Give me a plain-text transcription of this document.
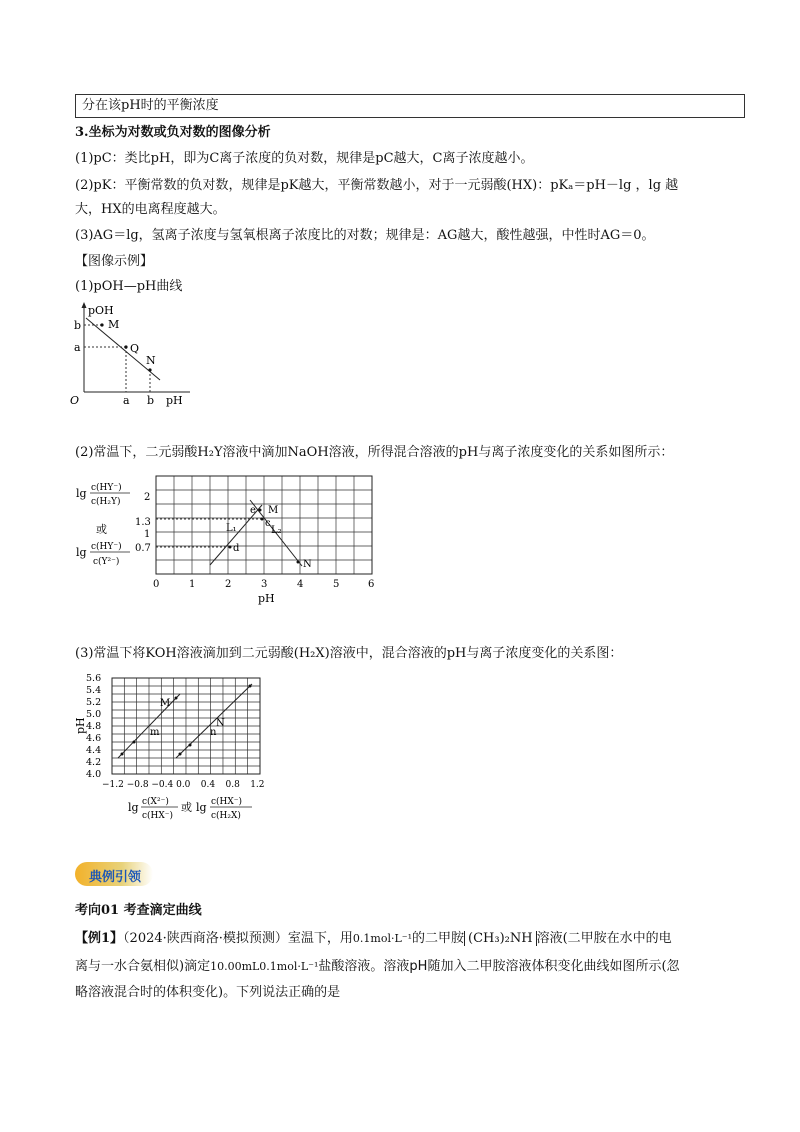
分在该pH时的平衡浓度
3.坐标为对数或负对数的图像分析
(1)pC：类比pH，即为C离子浓度的负对数，规律是pC越大，C离子浓度越小。
(2)pK：平衡常数的负对数，规律是pK越大，平衡常数越小，对于一元弱酸(HX)：pKₐ＝pH－lg ，lg 越
大，HX的电离程度越大。
(3)AG＝lg，氢离子浓度与氢氧根离子浓度比的对数；规律是：AG越大，酸性越强，中性时AG＝0。
【图像示例】
(1)pOH—pH曲线
pOH
b
a
M
Q
N
O	a b pH
(2)常温下，二元弱酸H₂Y溶液中滴加NaOH溶液，所得混合溶液的pH与离子浓度变化的关系如图所示：
lg c(HY⁻)
c(H₂Y)
或
lg c(HY⁻)
c(Y²⁻)
2
1.3
1
0.7
e M
c
L₁	L₂
d
N
0	1	2	3	4	5	6
pH
(3)常温下将KOH溶液滴加到二元弱酸(H₂X)溶液中，混合溶液的pH与离子浓度变化的关系图：
pH
5.6
5.4
5.2
5.0
4.8
4.6
4.4
4.2
4.0
−1.2 −0.8 −0.4 0.0 0.4 0.8 1.2
M
m
N
n
lg c(X²⁻)
c(HX⁻)
或 lg c(HX⁻)
c(H₂X)
典例引领
考向01 考查滴定曲线
【例1】（2024·陕西商洛·模拟预测）室温下，用0.1mol·L⁻¹的二甲胺 (CH₃)₂NH 溶液(二甲胺在水中的电
离与一水合氨相似)滴定10.00mL0.1mol·L⁻¹盐酸溶液。溶液pH随加入二甲胺溶液体积变化曲线如图所示(忽
略溶液混合时的体积变化)。下列说法正确的是
